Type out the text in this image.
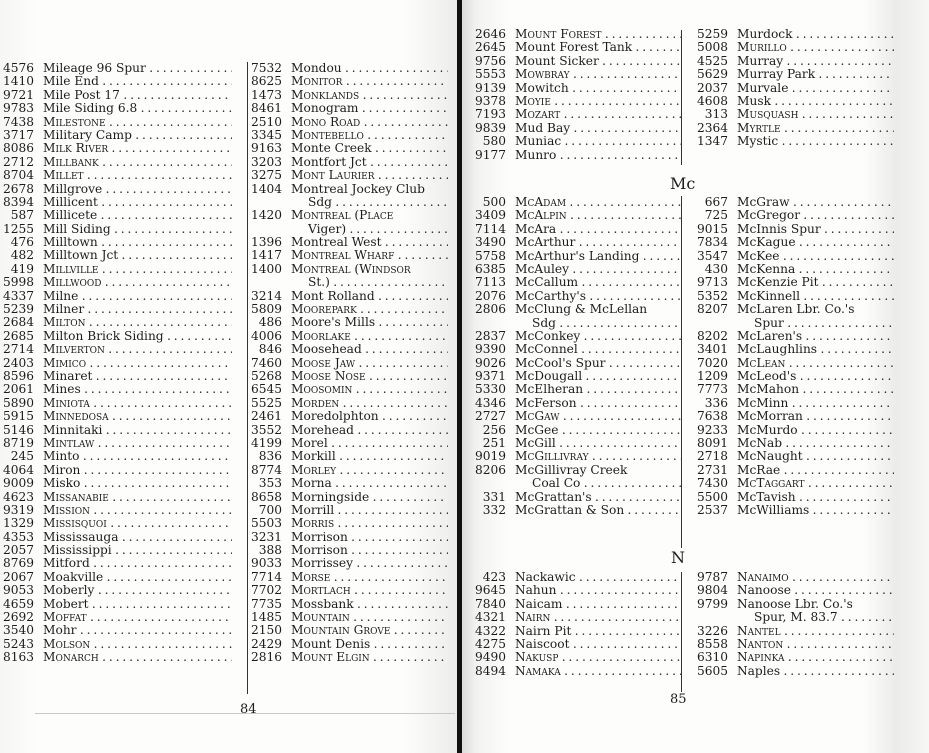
4576 Mileage 96 Spur . . .
1410 Mile End . . .
9721 Mile Post 17 . . .
9783 Mile Siding 6.8 . . .
7438 Milestone . . .
3717 Military Camp . . .
8086 Milk River . . .
2712 Millbank . . .
8704 Millet . . .
2678 Millgrove . . .
8394 Millicent . . .
587 Millicete . . .
1255 Mill Siding . . .
476 Milltown . . .
482 Milltown Jct . . .
419 Millville . . .
5998 Millwood . . .
4337 Milne . . .
5239 Milner . . .
2684 Milton . . .
2685 Milton Brick Siding . . .
2714 Milverton . . .
2403 Mimico . . .
8596 Minaret . . .
2061 Mines . . .
5890 Miniota . . .
5915 Minnedosa . . .
5146 Minnitaki . . .
8719 Mintlaw . . .
245 Minto . . .
4064 Miron . . .
9009 Misko . . .
4623 Missanabie . . .
9319 Mission . . .
1329 Missisquoi . . .
4353 Mississauga . . .
2057 Mississippi . . .
8769 Mitford . . .
2067 Moakville . . .
9053 Moberly . . .
4659 Mobert . . .
2692 Moffat . . .
3540 Mohr . . .
5243 Molson . . .
8163 Monarch . . .
7532 Mondou . . .
8625 Monitor . . .
1473 Monklands . . .
8461 Monogram . . .
2510 Mono Road . . .
3345 Montebello . . .
9163 Monte Creek . . .
3203 Montfort Jct . . .
3275 Mont Laurier . . .
1404 Montreal Jockey Club
Sdg . . .
1420 Montreal (Place
Viger) . . .
1396 Montreal West . . .
1417 Montreal Wharf . . .
1400 Montreal (Windsor
St.) . . .
3214 Mont Rolland . . .
5809 Moorepark . . .
486 Moore's Mills . . .
4006 Moorlake . . .
846 Moosehead . . .
7460 Moose Jaw . . .
5268 Moose Nose . . .
6545 Moosomin . . .
5525 Morden . . .
2461 Moredolphton . . .
3552 Morehead . . .
4199 Morel . . .
836 Morkill . . .
8774 Morley . . .
353 Morna . . .
8658 Morningside . . .
700 Morrill . . .
5503 Morris . . .
3231 Morrison . . .
388 Morrison . . .
9033 Morrissey . . .
7714 Morse . . .
7702 Mortlach . . .
7735 Mossbank . . .
1485 Mountain . . .
2150 Mountain Grove . . .
2429 Mount Denis . . .
2816 Mount Elgin . . .
84
2646 Mount Forest . . .
2645 Mount Forest Tank . . .
9756 Mount Sicker . . .
5553 Mowbray . . .
9139 Mowitch . . .
9378 Moyie . . .
7193 Mozart . . .
9839 Mud Bay . . .
580 Muniac . . .
9177 Munro . . .
5259 Murdock . . .
5008 Murillo . . .
4525 Murray . . .
5629 Murray Park . . .
2037 Murvale . . .
4608 Musk . . .
313 Musquash . . .
2364 Myrtle . . .
1347 Mystic . . .
Mc
500 McAdam . . .
3409 McAlpin . . .
7114 McAra . . .
3490 McArthur . . .
5758 McArthur's Landing . . .
6385 McAuley . . .
7113 McCallum . . .
2076 McCarthy's . . .
2806 McClung & McLellan
Sdg . . .
2837 McConkey . . .
9390 McConnel . . .
9026 McCool's Spur . . .
9371 McDougall . . .
5330 McElheran . . .
4346 McFerson . . .
2727 McGaw . . .
256 McGee . . .
251 McGill . . .
9019 McGillivray . . .
8206 McGillivray Creek
Coal Co . . .
331 McGrattan's . . .
332 McGrattan & Son . . .
667 McGraw . . .
725 McGregor . . .
9015 McInnis Spur . . .
7834 McKague . . .
3547 McKee . . .
430 McKenna . . .
9713 McKenzie Pit . . .
5352 McKinnell . . .
8207 McLaren Lbr. Co.'s
Spur . . .
8202 McLaren's . . .
3401 McLaughlins . . .
7020 McLean . . .
1209 McLeod's . . .
7773 McMahon . . .
336 McMinn . . .
7638 McMorran . . .
9233 McMurdo . . .
8091 McNab . . .
2718 McNaught . . .
2731 McRae . . .
7430 McTaggart . . .
5500 McTavish . . .
2537 McWilliams . . .
N
423 Nackawic . . .
9645 Nahun . . .
7840 Naicam . . .
4321 Nairn . . .
4322 Nairn Pit . . .
4275 Naiscoot . . .
9490 Nakusp . . .
8494 Namaka . . .
9787 Nanaimo . . .
9804 Nanoose . . .
9799 Nanoose Lbr. Co.'s
Spur, M. 83.7 . . .
3226 Nantel . . .
8558 Nanton . . .
6310 Napinka . . .
5605 Naples . . .
85
